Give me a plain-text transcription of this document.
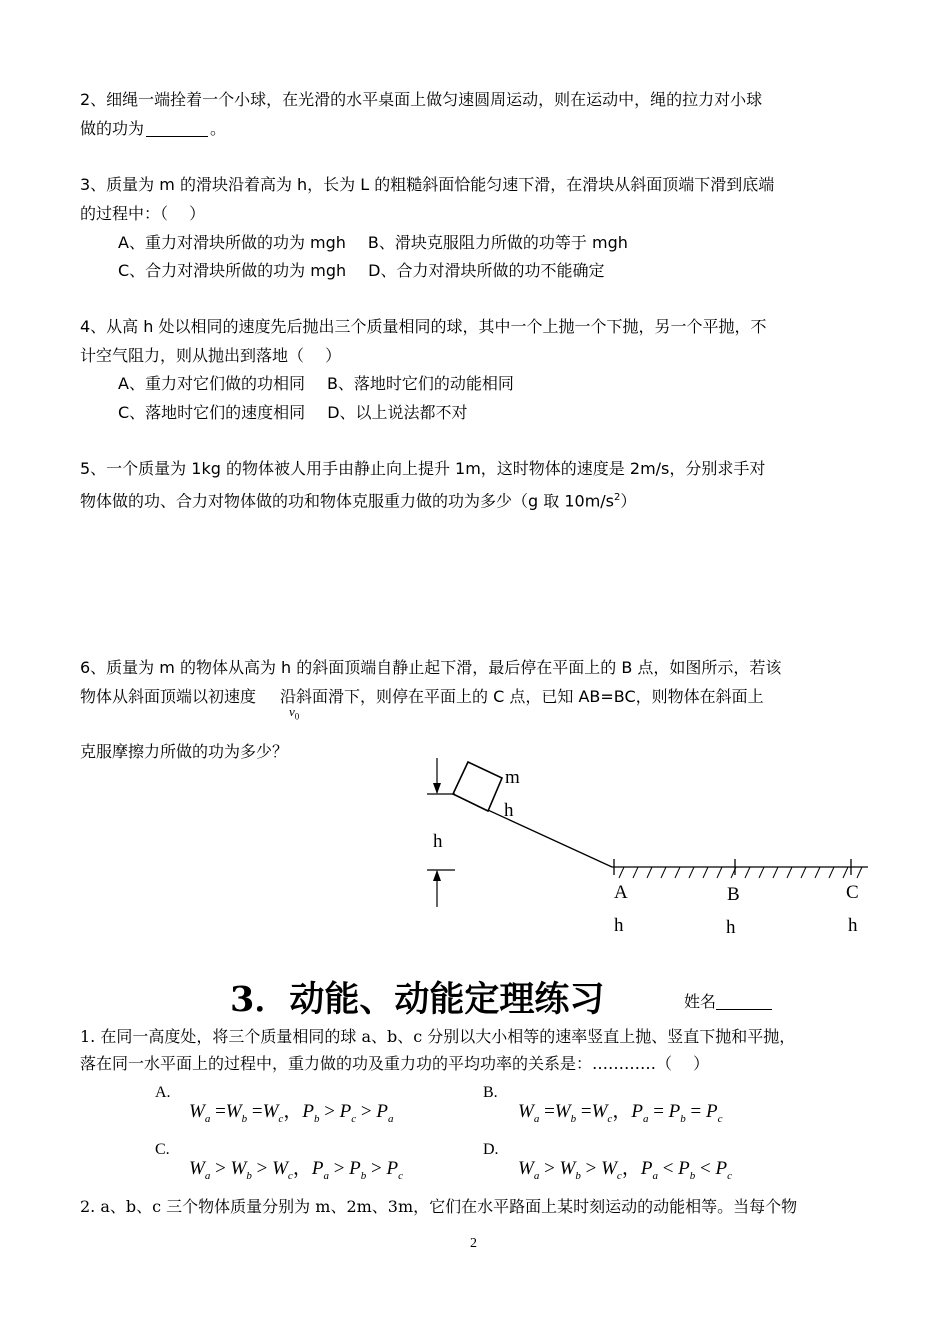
2、细绳一端拴着一个小球，在光滑的水平桌面上做匀速圆周运动，则在运动中，绳的拉力对小球
做的功为	。
3、质量为 m 的滑块沿着高为 h，长为 L 的粗糙斜面恰能匀速下滑，在滑块从斜面顶端下滑到底端
的过程中：（　 ）
A、重力对滑块所做的功为 mgh B、滑块克服阻力所做的功等于 mgh
C、合力对滑块所做的功为 mgh D、合力对滑块所做的功不能确定
4、从高 h 处以相同的速度先后抛出三个质量相同的球，其中一个上抛一个下抛，另一个平抛，不
计空气阻力，则从抛出到落地（　 ）
A、重力对它们做的功相同 B、落地时它们的动能相同
C、落地时它们的速度相同 D、以上说法都不对
5、一个质量为 1kg 的物体被人用手由静止向上提升 1m，这时物体的速度是 2m/s，分别求手对
物体做的功、合力对物体做的功和物体克服重力做的功为多少（g 取 $10m/s^2$）
6、质量为 m 的物体从高为 h 的斜面顶端自静止起下滑，最后停在平面上的 B 点，如图所示，若该
物体从斜面顶端以初速度 沿斜面滑下，则停在平面上的 C 点，已知 AB=BC，则物体在斜面上
$v_0$
克服摩擦力所做的功为多少？
m
h
h
A	B	C
h	h	h
3．动能、动能定理练习	姓名
1. 在同一高度处，将三个质量相同的球 a、b、c 分别以大小相等的速率竖直上抛、竖直下抛和平抛，
落在同一水平面上的过程中，重力做的功及重力功的平均功率的关系是：…………（　 ）
A.
$W_a =W_b =W_c$，$P_b > P_c > P_a$
B.
$W_a =W_b =W_c$，$P_a = P_b = P_c$
C.
$W_a > W_b > W_c$，$P_a > P_b > P_c$
D.
$W_a > W_b > W_c$，$P_a < P_b < P_c$
2. a、b、c 三个物体质量分别为 m、2m、3m，它们在水平路面上某时刻运动的动能相等。当每个物
2
